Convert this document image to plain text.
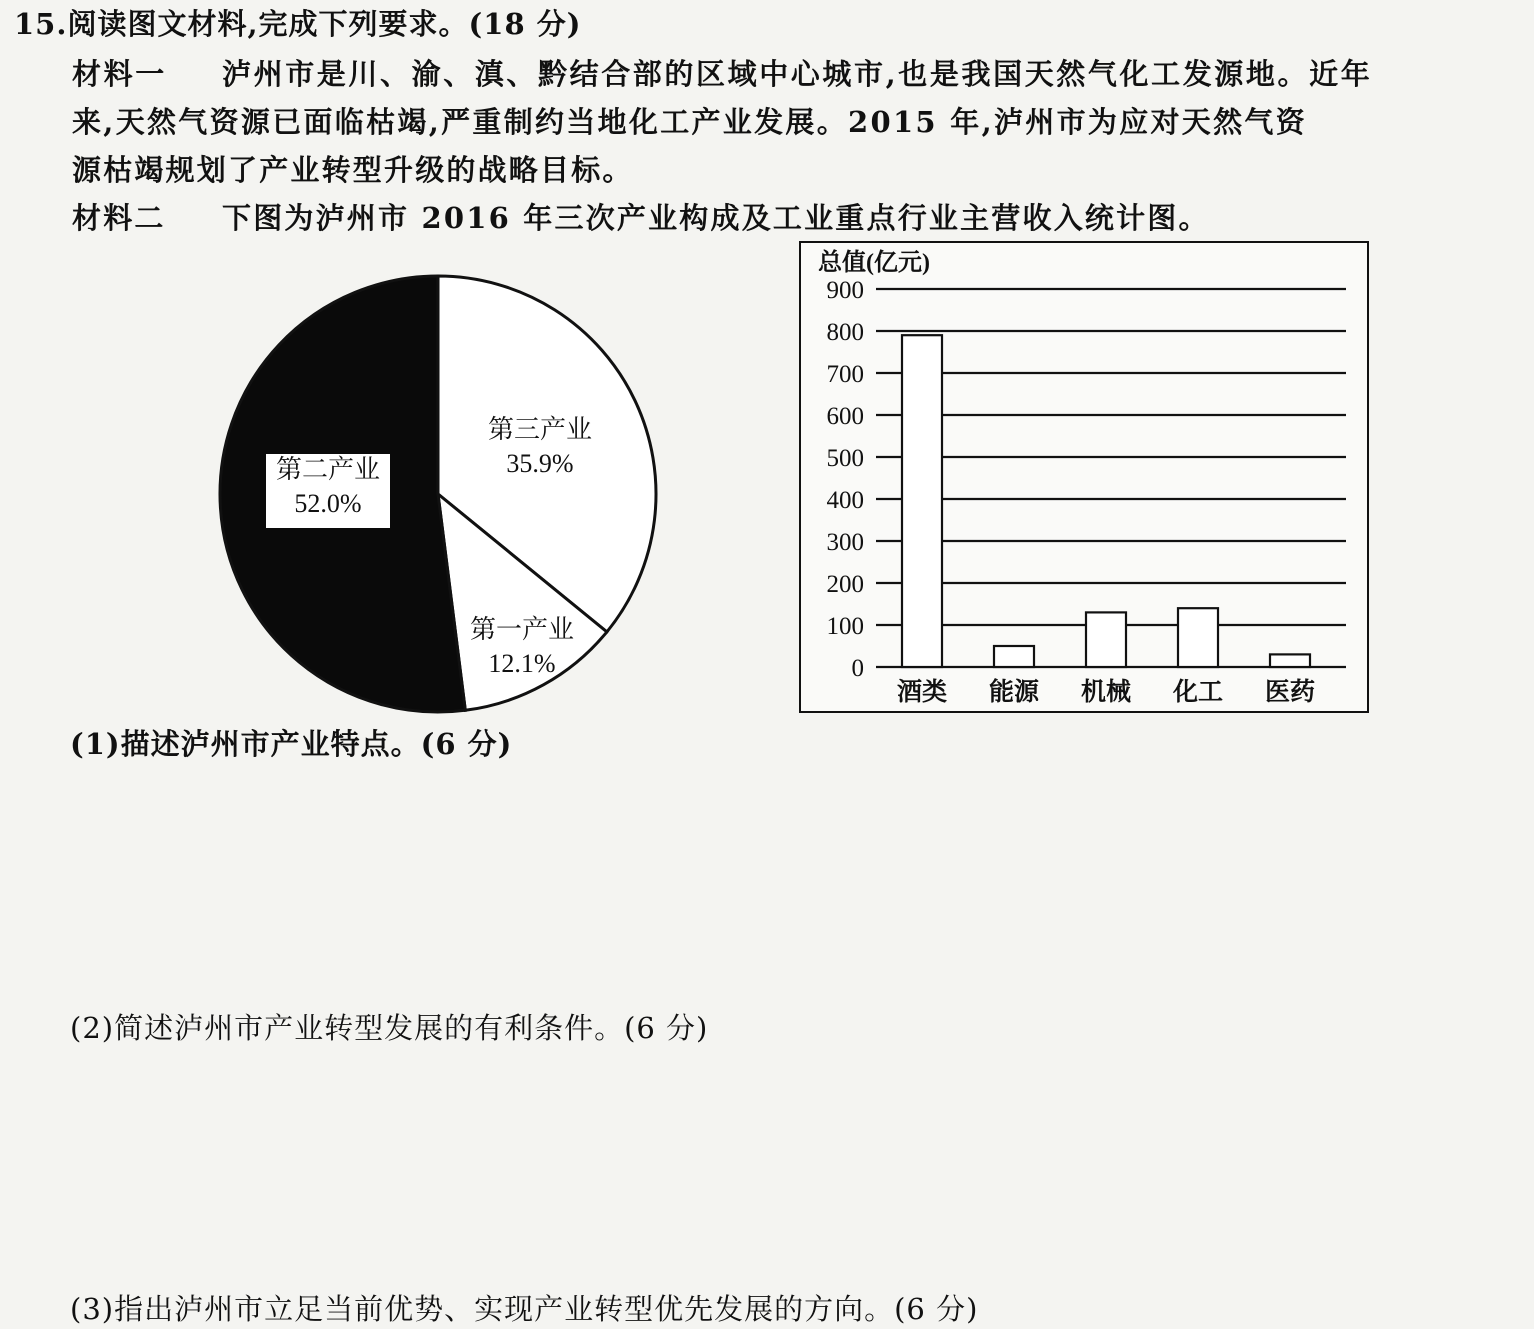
15.阅读图文材料,完成下列要求。(18 分)
材料一 泸州市是川、渝、滇、黔结合部的区域中心城市,也是我国天然气化工发源地。近年
来,天然气资源已面临枯竭,严重制约当地化工产业发展。2015 年,泸州市为应对天然气资
源枯竭规划了产业转型升级的战略目标。
材料二 下图为泸州市 2016 年三次产业构成及工业重点行业主营收入统计图。
第二产业
52.0%
第三产业
35.9%
第一产业
12.1%
总值(亿元)
0
100
200
300
400
500
600
700
800
900
酒类 能源 机械 化工 医药
(1)描述泸州市产业特点。(6 分)
(2)简述泸州市产业转型发展的有利条件。(6 分)
(3)指出泸州市立足当前优势、实现产业转型优先发展的方向。(6 分)
